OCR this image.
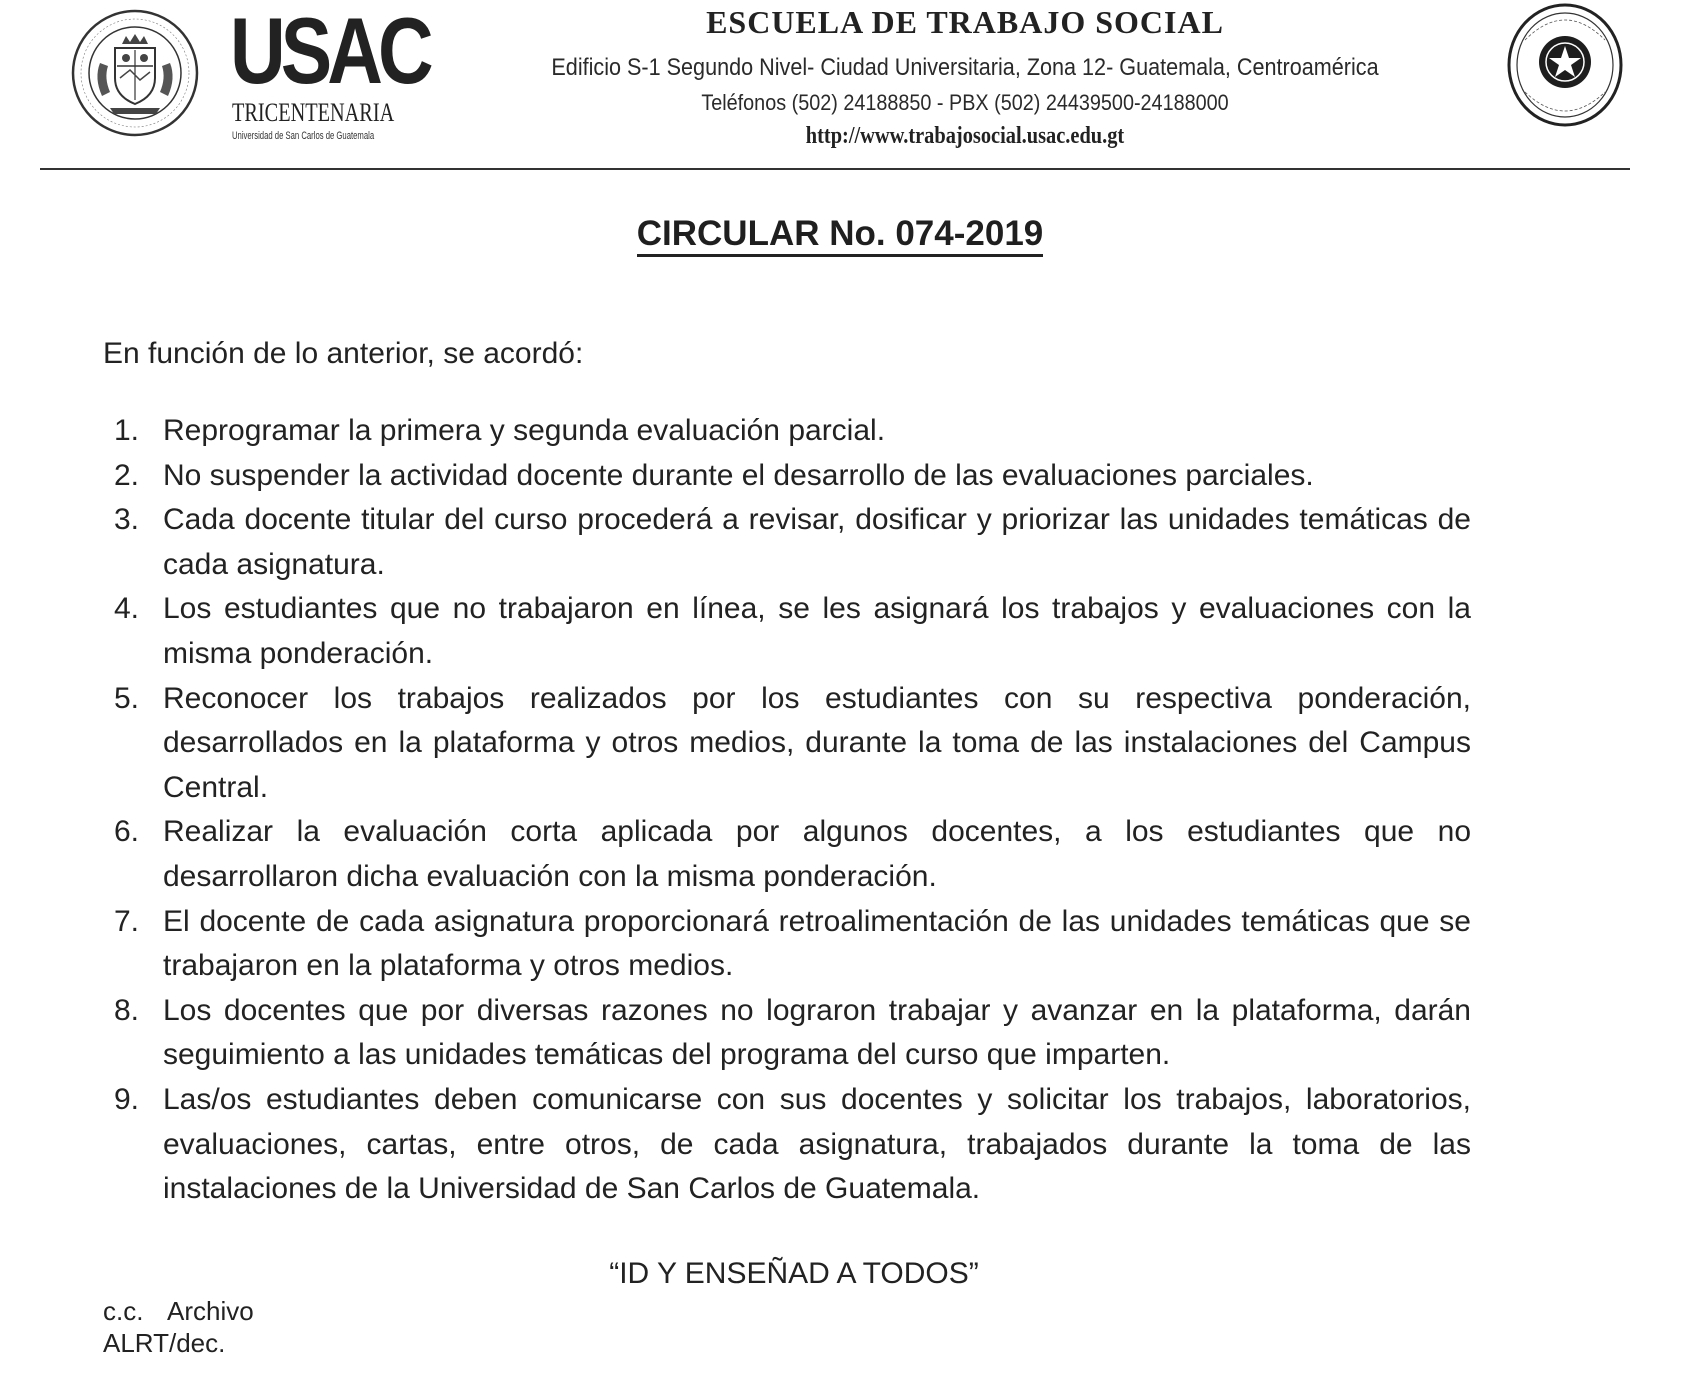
USAC
TRICENTENARIA
Universidad de San Carlos de Guatemala
ESCUELA DE TRABAJO SOCIAL
Edificio S-1 Segundo Nivel- Ciudad Universitaria, Zona 12- Guatemala, Centroamérica
Teléfonos (502) 24188850 - PBX (502) 24439500-24188000
http://www.trabajosocial.usac.edu.gt
CIRCULAR No. 074-2019
En función de lo anterior, se acordó:
1. Reprogramar la primera y segunda evaluación parcial.
2. No suspender la actividad docente durante el desarrollo de las evaluaciones parciales.
3. Cada docente titular del curso procederá a revisar, dosificar y priorizar las unidades temáticas de cada asignatura.
4. Los estudiantes que no trabajaron en línea, se les asignará los trabajos y evaluaciones con la misma ponderación.
5. Reconocer los trabajos realizados por los estudiantes con su respectiva ponderación, desarrollados en la plataforma y otros medios, durante la toma de las instalaciones del Campus Central.
6. Realizar la evaluación corta aplicada por algunos docentes, a los estudiantes que no desarrollaron dicha evaluación con la misma ponderación.
7. El docente de cada asignatura proporcionará retroalimentación de las unidades temáticas que se trabajaron en la plataforma y otros medios.
8. Los docentes que por diversas razones no lograron trabajar y avanzar en la plataforma, darán seguimiento a las unidades temáticas del programa del curso que imparten.
9. Las/os estudiantes deben comunicarse con sus docentes y solicitar los trabajos, laboratorios, evaluaciones, cartas, entre otros, de cada asignatura, trabajados durante la toma de las instalaciones de la Universidad de San Carlos de Guatemala.
“ID Y ENSEÑAD A TODOS”
c.c. Archivo
ALRT/dec.
